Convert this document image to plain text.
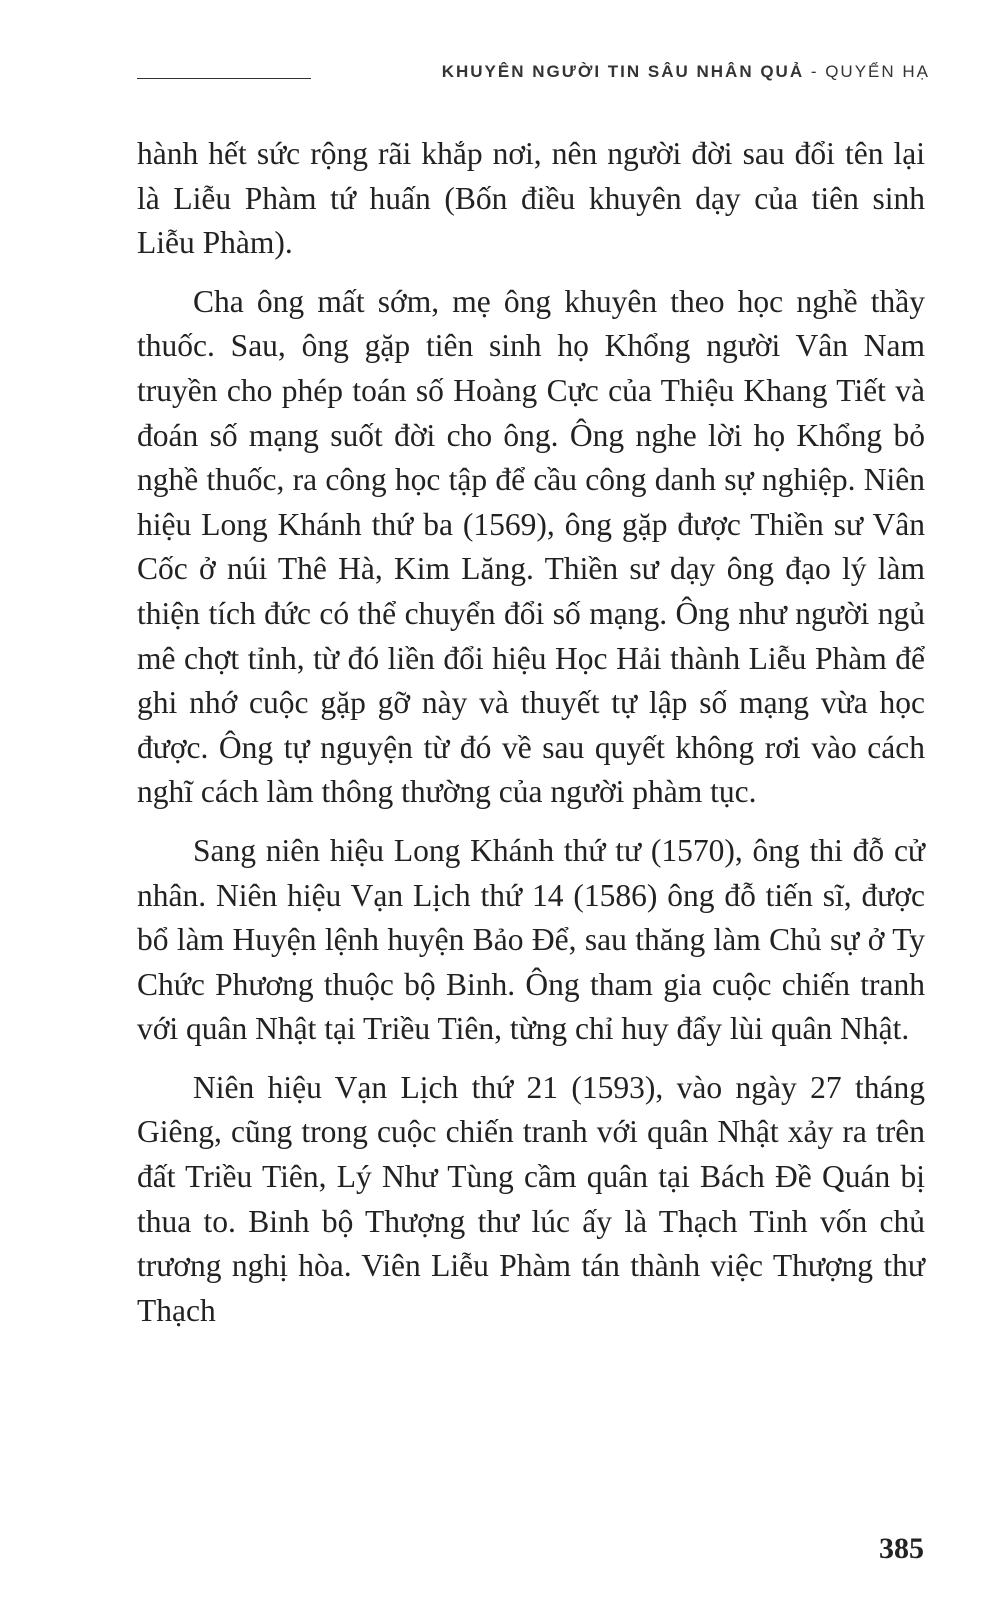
KHUYÊN NGƯỜI TIN SÂU NHÂN QUẢ - QUYỂN HẠ

hành hết sức rộng rãi khắp nơi, nên người đời sau đổi tên lại là Liễu Phàm tứ huấn (Bốn điều khuyên dạy của tiên sinh Liễu Phàm).

Cha ông mất sớm, mẹ ông khuyên theo học nghề thầy thuốc. Sau, ông gặp tiên sinh họ Khổng người Vân Nam truyền cho phép toán số Hoàng Cực của Thiệu Khang Tiết và đoán số mạng suốt đời cho ông. Ông nghe lời họ Khổng bỏ nghề thuốc, ra công học tập để cầu công danh sự nghiệp. Niên hiệu Long Khánh thứ ba (1569), ông gặp được Thiền sư Vân Cốc ở núi Thê Hà, Kim Lăng. Thiền sư dạy ông đạo lý làm thiện tích đức có thể chuyển đổi số mạng. Ông như người ngủ mê chợt tỉnh, từ đó liền đổi hiệu Học Hải thành Liễu Phàm để ghi nhớ cuộc gặp gỡ này và thuyết tự lập số mạng vừa học được. Ông tự nguyện từ đó về sau quyết không rơi vào cách nghĩ cách làm thông thường của người phàm tục.

Sang niên hiệu Long Khánh thứ tư (1570), ông thi đỗ cử nhân. Niên hiệu Vạn Lịch thứ 14 (1586) ông đỗ tiến sĩ, được bổ làm Huyện lệnh huyện Bảo Để, sau thăng làm Chủ sự ở Ty Chức Phương thuộc bộ Binh. Ông tham gia cuộc chiến tranh với quân Nhật tại Triều Tiên, từng chỉ huy đẩy lùi quân Nhật.

Niên hiệu Vạn Lịch thứ 21 (1593), vào ngày 27 tháng Giêng, cũng trong cuộc chiến tranh với quân Nhật xảy ra trên đất Triều Tiên, Lý Như Tùng cầm quân tại Bách Đề Quán bị thua to. Binh bộ Thượng thư lúc ấy là Thạch Tinh vốn chủ trương nghị hòa. Viên Liễu Phàm tán thành việc Thượng thư Thạch

385
